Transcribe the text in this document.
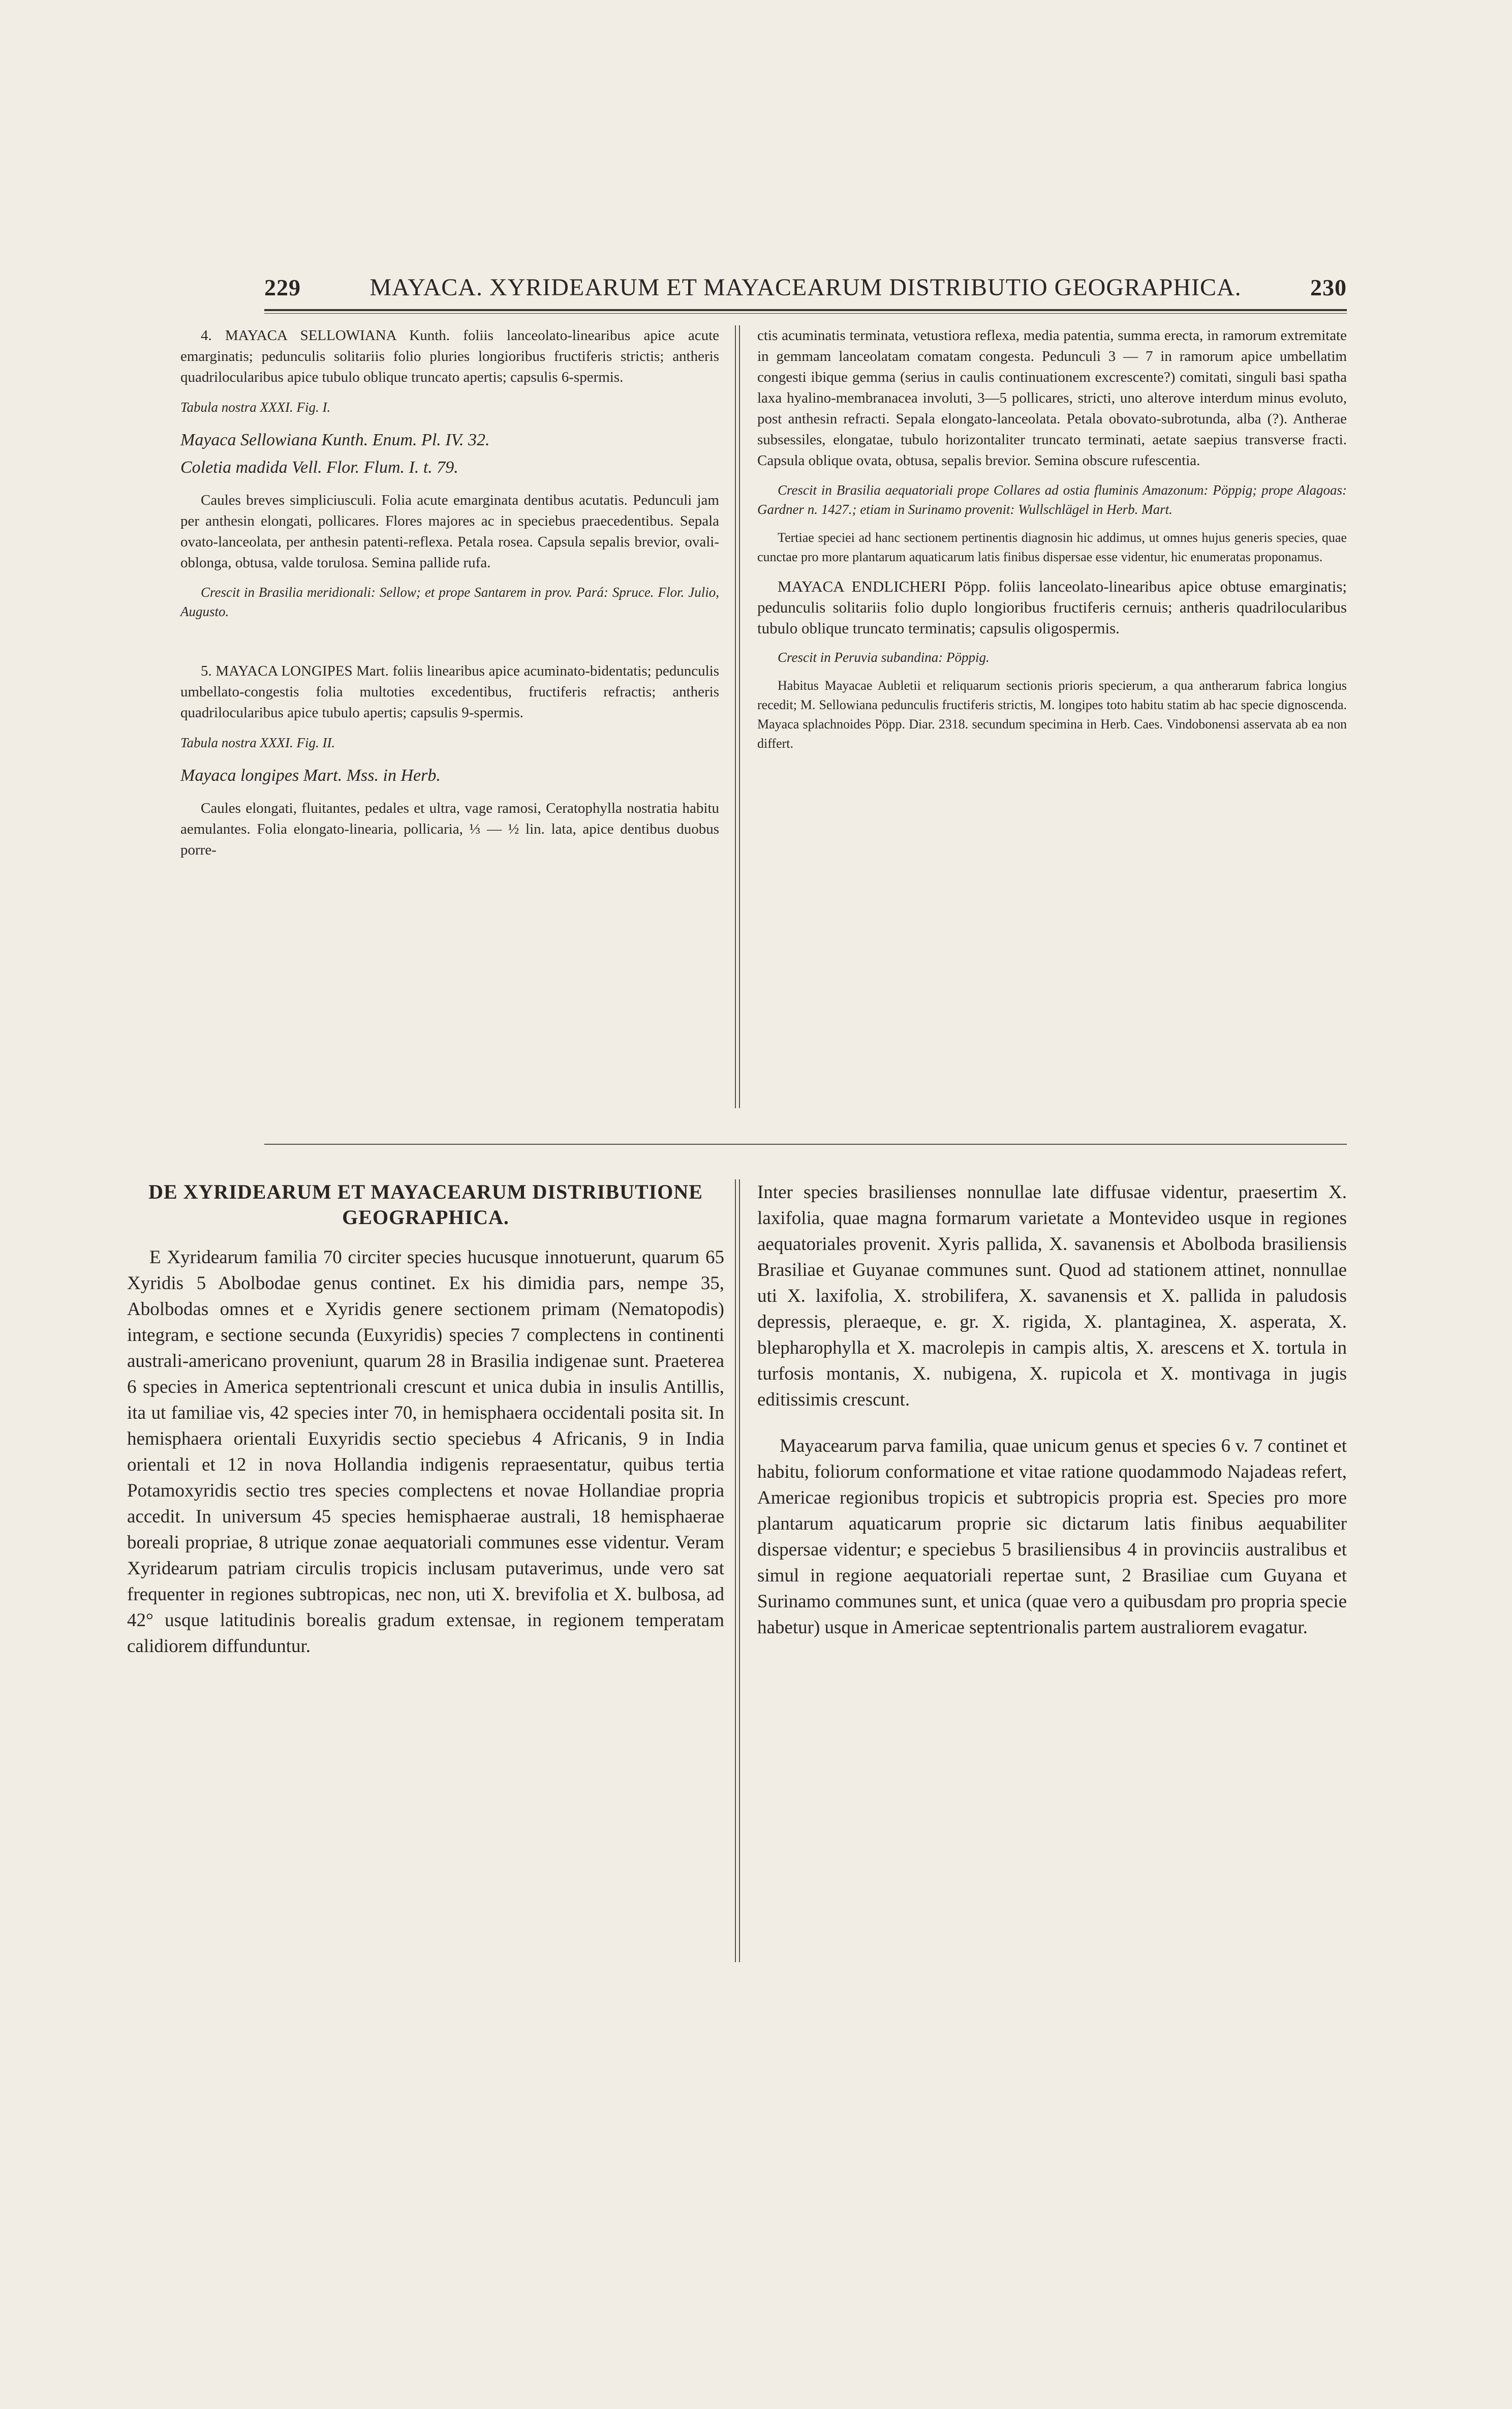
229	MAYACA. XYRIDEARUM ET MAYACEARUM DISTRIBUTIO GEOGRAPHICA.	230

4. MAYACA SELLOWIANA Kunth. foliis lanceolato-linearibus apice acute emarginatis; pedunculis solitariis folio pluries longioribus fructiferis strictis; antheris quadrilocularibus apice tubulo oblique truncato apertis; capsulis 6-spermis.

Tabula nostra XXXI. Fig. I.

Mayaca Sellowiana Kunth. Enum. Pl. IV. 32.

Coletia madida Vell. Flor. Flum. I. t. 79.

Caules breves simpliciusculi. Folia acute emarginata dentibus acutatis. Pedunculi jam per anthesin elongati, pollicares. Flores majores ac in speciebus praecedentibus. Sepala ovato-lanceolata, per anthesin patenti-reflexa. Petala rosea. Capsula sepalis brevior, ovali-oblonga, obtusa, valde torulosa. Semina pallide rufa.

Crescit in Brasilia meridionali: Sellow; et prope Santarem in prov. Pará: Spruce. Flor. Julio, Augusto.

5. MAYACA LONGIPES Mart. foliis linearibus apice acuminato-bidentatis; pedunculis umbellato-congestis folia multoties excedentibus, fructiferis refractis; antheris quadrilocularibus apice tubulo apertis; capsulis 9-spermis.

Tabula nostra XXXI. Fig. II.

Mayaca longipes Mart. Mss. in Herb.

Caules elongati, fluitantes, pedales et ultra, vage ramosi, Ceratophylla nostratia habitu aemulantes. Folia elongato-linearia, pollicaria, ⅓ — ½ lin. lata, apice dentibus duobus porre-

ctis acuminatis terminata, vetustiora reflexa, media patentia, summa erecta, in ramorum extremitate in gemmam lanceolatam comatam congesta. Pedunculi 3 — 7 in ramorum apice umbellatim congesti ibique gemma (serius in caulis continuationem excrescente?) comitati, singuli basi spatha laxa hyalino-membranacea involuti, 3—5 pollicares, stricti, uno alterove interdum minus evoluto, post anthesin refracti. Sepala elongato-lanceolata. Petala obovato-subrotunda, alba (?). Antherae subsessiles, elongatae, tubulo horizontaliter truncato terminati, aetate saepius transverse fracti. Capsula oblique ovata, obtusa, sepalis brevior. Semina obscure rufescentia.

Crescit in Brasilia aequatoriali prope Collares ad ostia fluminis Amazonum: Pöppig; prope Alagoas: Gardner n. 1427.; etiam in Surinamo provenit: Wullschlägel in Herb. Mart.

Tertiae speciei ad hanc sectionem pertinentis diagnosin hic addimus, ut omnes hujus generis species, quae cunctae pro more plantarum aquaticarum latis finibus dispersae esse videntur, hic enumeratas proponamus.

MAYACA ENDLICHERI Pöpp. foliis lanceolato-linearibus apice obtuse emarginatis; pedunculis solitariis folio duplo longioribus fructiferis cernuis; antheris quadrilocularibus tubulo oblique truncato terminatis; capsulis oligospermis.

Crescit in Peruvia subandina: Pöppig.

Habitus Mayacae Aubletii et reliquarum sectionis prioris specierum, a qua antherarum fabrica longius recedit; M. Sellowiana pedunculis fructiferis strictis, M. longipes toto habitu statim ab hac specie dignoscenda. Mayaca splachnoides Pöpp. Diar. 2318. secundum specimina in Herb. Caes. Vindobonensi asservata ab ea non differt.

DE XYRIDEARUM ET MAYACEARUM DISTRIBUTIONE GEOGRAPHICA.

E Xyridearum familia 70 circiter species hucusque innotuerunt, quarum 65 Xyridis 5 Abolbodae genus continet. Ex his dimidia pars, nempe 35, Abolbodas omnes et e Xyridis genere sectionem primam (Nematopodis) integram, e sectione secunda (Euxyridis) species 7 complectens in continenti australi-americano proveniunt, quarum 28 in Brasilia indigenae sunt. Praeterea 6 species in America septentrionali crescunt et unica dubia in insulis Antillis, ita ut familiae vis, 42 species inter 70, in hemisphaera occidentali posita sit. In hemisphaera orientali Euxyridis sectio speciebus 4 Africanis, 9 in India orientali et 12 in nova Hollandia indigenis repraesentatur, quibus tertia Potamoxyridis sectio tres species complectens et novae Hollandiae propria accedit. In universum 45 species hemisphaerae australi, 18 hemisphaerae boreali propriae, 8 utrique zonae aequatoriali communes esse videntur. Veram Xyridearum patriam circulis tropicis inclusam putaverimus, unde vero sat frequenter in regiones subtropicas, nec non, uti X. brevifolia et X. bulbosa, ad 42° usque latitudinis borealis gradum extensae, in regionem temperatam calidiorem diffunduntur.

Inter species brasilienses nonnullae late diffusae videntur, praesertim X. laxifolia, quae magna formarum varietate a Montevideo usque in regiones aequatoriales provenit. Xyris pallida, X. savanensis et Abolboda brasiliensis Brasiliae et Guyanae communes sunt. Quod ad stationem attinet, nonnullae uti X. laxifolia, X. strobilifera, X. savanensis et X. pallida in paludosis depressis, pleraeque, e. gr. X. rigida, X. plantaginea, X. asperata, X. blepharophylla et X. macrolepis in campis altis, X. arescens et X. tortula in turfosis montanis, X. nubigena, X. rupicola et X. montivaga in jugis editissimis crescunt.

Mayacearum parva familia, quae unicum genus et species 6 v. 7 continet et habitu, foliorum conformatione et vitae ratione quodammodo Najadeas refert, Americae regionibus tropicis et subtropicis propria est. Species pro more plantarum aquaticarum proprie sic dictarum latis finibus aequabiliter dispersae videntur; e speciebus 5 brasiliensibus 4 in provinciis australibus et simul in regione aequatoriali repertae sunt, 2 Brasiliae cum Guyana et Surinamo communes sunt, et unica (quae vero a quibusdam pro propria specie habetur) usque in Americae septentrionalis partem australiorem evagatur.
